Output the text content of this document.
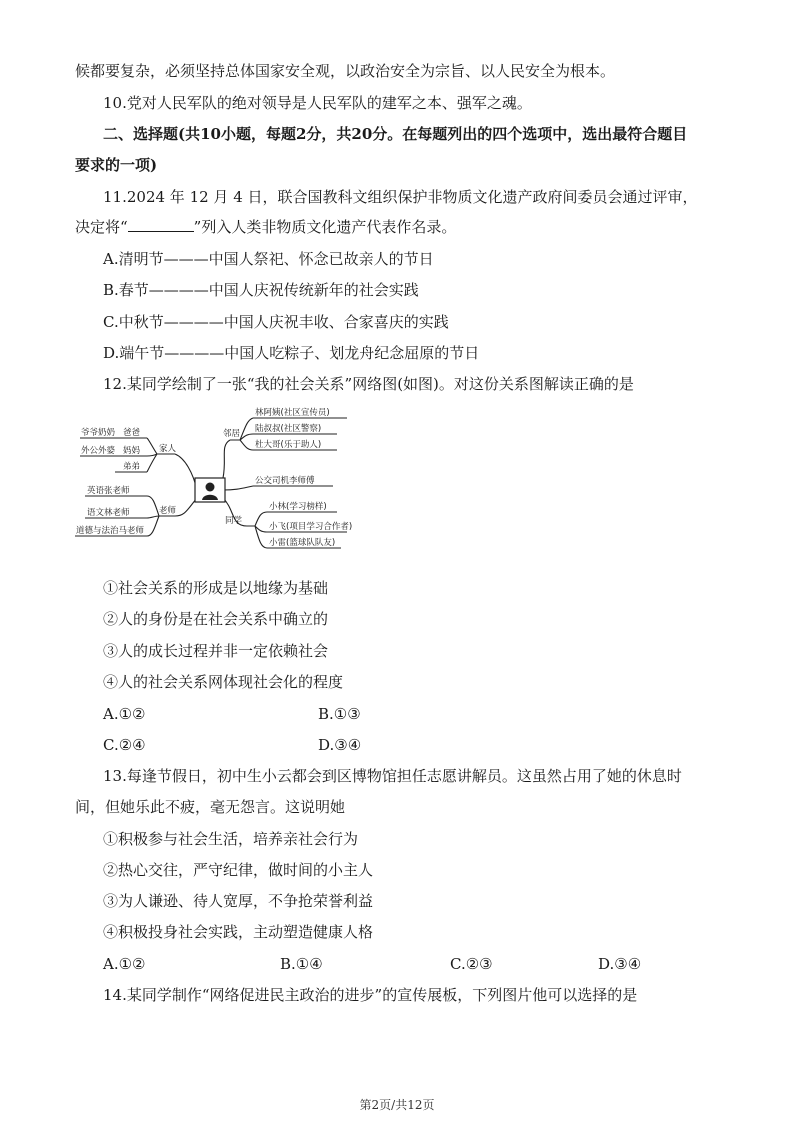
候都要复杂，必须坚持总体国家安全观，以政治安全为宗旨、以人民安全为根本。
10.党对人民军队的绝对领导是人民军队的建军之本、强军之魂。
二、选择题(共10小题，每题2分，共20分。在每题列出的四个选项中，选出最符合题目
要求的一项)
11.2024 年 12 月 4 日，联合国教科文组织保护非物质文化遗产政府间委员会通过评审，
决定将“	”列入人类非物质文化遗产代表作名录。
A.清明节———中国人祭祀、怀念已故亲人的节日
B.春节————中国人庆祝传统新年的社会实践
C.中秋节————中国人庆祝丰收、合家喜庆的实践
D.端午节————中国人吃粽子、划龙舟纪念屈原的节日
12.某同学绘制了一张“我的社会关系”网络图(如图)。对这份关系图解读正确的是
家人
爷爷奶奶 爸爸
外公外婆 妈妈
弟弟
邻居
林阿姨(社区宣传员)
陆叔叔(社区警察)
杜大哥(乐于助人)
公交司机李师傅
老师
英语张老师
语文林老师
道德与法治马老师
同学
小林(学习榜样)
小飞(项目学习合作者)
小雷(篮球队队友)
①社会关系的形成是以地缘为基础
②人的身份是在社会关系中确立的
③人的成长过程并非一定依赖社会
④人的社会关系网体现社会化的程度
A.①②	B.①③
C.②④	D.③④
13.每逢节假日，初中生小云都会到区博物馆担任志愿讲解员。这虽然占用了她的休息时
间，但她乐此不疲，毫无怨言。这说明她
①积极参与社会生活，培养亲社会行为
②热心交往，严守纪律，做时间的小主人
③为人谦逊、待人宽厚，不争抢荣誉利益
④积极投身社会实践，主动塑造健康人格
A.①②	B.①④	C.②③	D.③④
14.某同学制作“网络促进民主政治的进步”的宣传展板，下列图片他可以选择的是
第2页/共12页
